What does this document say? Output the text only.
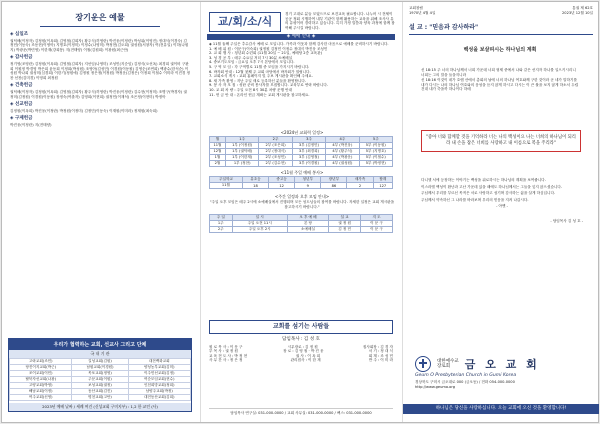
장기운은 예물
◈ 십일조

권덕배(이정자) 김정원(이옥희) 김영철(김희자) 황주식(허영란) 박진웅(이정란) 박성위(이영진) 정대식(이경숙) 김정민(이동숙) 조동현(이영아) 지명호(이정미) 이정수(나영미) 박정현(김오희) 권성원(서창자) 여(전유일) 이하(나원지) 박광운(박민영) 이한재(강희봉) 지(전태양) 이철(김원희) 이광원(최근안)

◈ 감사헌금

정기영(조영란) 김정원(이옥희) 김영철(김희자) 지선임(나영미) 조성민(지순임) 김정식(오선옥) 최경희 권이비 구완희 이원정 박경영 박은희 윤동희 이정희(박성원) 조영아(김성민) 이경원(이동원) 김영순(조연희) 백광수(한석순) 이성원 박나희 권성미(심경희) 이한기(정원애) 김정원 정은정(이정원) 박정운(김정은) 이정희 이철수 이미라 이진경 정찬 선찬(김미경) 이영희 최정원

◈ 건축헌금

권덕배(이정자) 김정원(이옥희) 김영철(김희자) 황주식(허영란) 박진웅(이정란) 김수현(이정미) 조병구(박경자) 권정미(김정원) 이경원(이동원) 장정숙(여춘자) 김영희(이현희) 권정민(이재석) 조은정(이현미) 박정아

◈ 선교헌금

김정원(이옥희) 박진웅(이정란) 박정원(이정미) 김정민(이동숙) 이재원(이미라) 정재원(최숙희)

◈ 구제헌금

박진웅(이정란) 지(전태양)

우리가 협력하는 교회, 선교사 그리고 단체
국 내 기 관
고락교회(조민)	길성교회(김원)	대전백화교회
당진이지교회(박근)	남원교회(이경원)	양성농부교회(김미)
조이교회(이민)	목포교회(정영)	이주민선교회(김정)
탈북자선교회(나광)	주문교회(이원)	여순모임교회(현수)
고양교회(박영)	보성교회(권정)	인천희망교회(정희)
해남교회(이정)	동산교회(김진)	남양주교회(박정)
여주교회(신영)	명천교회(고안)	대전동산교회(김희)
2023년 예배 날짜 / 세례 여건 (신성교회 구미지부) : 1,2 한 교인 (사)
교/회/소/식
경기 고대로 분들 모였으므로 보건교육 필요합니다. 나누어 시 전체이 공공 정회 시행하여 내부 기관이 함께 활용하는 교육을 위해 조사사 유의 유평이어 경력하고 있습니다. 특히 가정 말씀과 양육 과정에 함께 참여해 주시길 바랍니다.
◈ 예배 안내 ◈
◈ 11월 둘째 주일은 추수감사 예배 로 모입니다. 가족과 이웃과 함께 감사한 마음으로 예배를 준비하시기 바랍니다.
1. 예 배 위 원 : 이문구(이숙희) 권정원 김정민 이정수 정대식 박진웅 조성민
2. 교 회 행 사 : 청년회 수련회 (11월 20일 ~ 21일, 예배당 2층 교육관)
3. 성 경 공 부 : 매주 수요일 저녁 7시 30분 소예배실
4. 중보기도모임 : 금요일 오후 7시 본당에서 모입니다.
5. 구 역 모 임 : 각 구역별로 11월 중 모임을 가지시기 바랍니다.
6. 바자회 안내 : 12월 첫째 주 교회 마당에서 바자회가 열립니다.
7. 교회소식 게시 : 교회 홈페이지 및 주보 게시판을 확인해 주세요.
8. 새 가족 환영 : 지난 주일 새로 등록하신 분들을 환영합니다.
9. 봉 사 자 모 집 : 성탄 준비 봉사자를 모집합니다. 교육부로 연락 바랍니다.
10. 교 회 차 량 : 주일 오전 8시 30분 차량 운행 안내
11. 헌 금 안 내 : 온라인 헌금 계좌는 교회 게시판을 참고하세요.
<2024년 교회력 일정>
월	1주	2주	3주	4주	5주
11월	1부 (이정원)	2부 (조은희)	3부 (김정민)	4부 (박진웅)	5부 (이동원)
12월	1부 (권덕배)	2부 (정대식)	3부 (최경희)	4부 (황주식)	5부 (지명호)
1월	1부 (이한재)	2부 (조성민)	3부 (김영철)	4부 (박광운)	5부 (이철수)
2월	1부 (정찬)	2부 (김수현)	3부 (이경원)	4부 (권성원)	5부 (박정현)
<11월 주일 예배 봉사>
주일학교	유초등	중고등	청년부	장년부	새가족	합계
11월	18	12	9	86	2	127
<주간 일정과 오후 모임 안내>
"주일 오후 모임은 매주 2시에 소예배실에서 진행되며 모든 성도님들의 참여를 바랍니다. 자세한 일정은 교회 게시판을 참고하시기 바랍니다."
주 일	일 시	오 후 예 배	설 교	지 도
1주	주일 오전 11시	본 당	권 정 원	이 문 구
2주	주일 오후 2시	소예배실	김 정 민	이 문 구
교회를 섬기는 사람들
담임목사 : 김 성 호
원 로 목 사 : 이 문 구	시무장로 : 김 정 원	집사회장 : 김 경 자
부 목 사 : 권 정 원	장 로 : 김 영 철 · 박 진 웅	서 기 : 정 대 식
교 육 전 도 사 : 박 정 현	권 사 : 이 옥 희	회 계 : 조 성 민
사 무 간 사 : 정 은 정	관리집사 : 이 한 재	반 주 : 이 미 라
담임목사 연구실: 031-000-0000 / 교회 사무실: 031-000-0000 / 팩스: 031-000-0000
교회창립	통권 제 62호
1970년 4월 4일	2023년 12월 10일
설 교 : "믿음과 감사하라"
백성을 보살피시는 하나님의 계획

신 18:15 주 너의 하나님께서 너희 가운데 너희 형제 중에서 나와 같은 선지자 하나를 일으키시리니 너희는 그의 말을 들을지니라

신 18:16 이것이 네가 호렙 산에서 총회의 날에 너의 하나님 여호와께 구한 것이라 곧 네가 말하기를 내가 다시는 나의 하나님 여호와의 음성을 듣지 않게 하시고 다시는 이 큰 불을 보지 않게 하소서 두렵건대 내가 죽을까 하나이다 하매

"좋아 너와 함께할 것을 기억하라 너는 나의 백성이요 나는 너희의 하나님이 되리라 내 손을 잡은 너희를 사랑하고 내 이름으로 복을 주리라"

다니엘 서에 등장하는 이야기는 백성을 위로하시는 하나님의 계획을 보여줍니다.

이스라엘 백성이 환난과 고난 가운데 있을 때에도 하나님께서는 그들을 잊지 않으셨습니다.

주님께서 우리를 부르신 목적은 서로 사랑하고 섬기며 감사하는 삶을 살게 하심입니다.

주님께서 약속하신 그 나라를 바라보며 우리의 믿음을 지켜 나갑시다.

- 아멘 -

- 담임목사 김 성 호 -

대한예수교
장로회	금 오 교 회
Geum O Presbyterian Church in Gumi Korea
경상북도 구미시 금오대로 000 (금오동) / 전화 054-000-0000
http://www.geumo.org
하나님은 당신을 사랑하십니다. 오늘 교회에 오신 것을 환영합니다!
